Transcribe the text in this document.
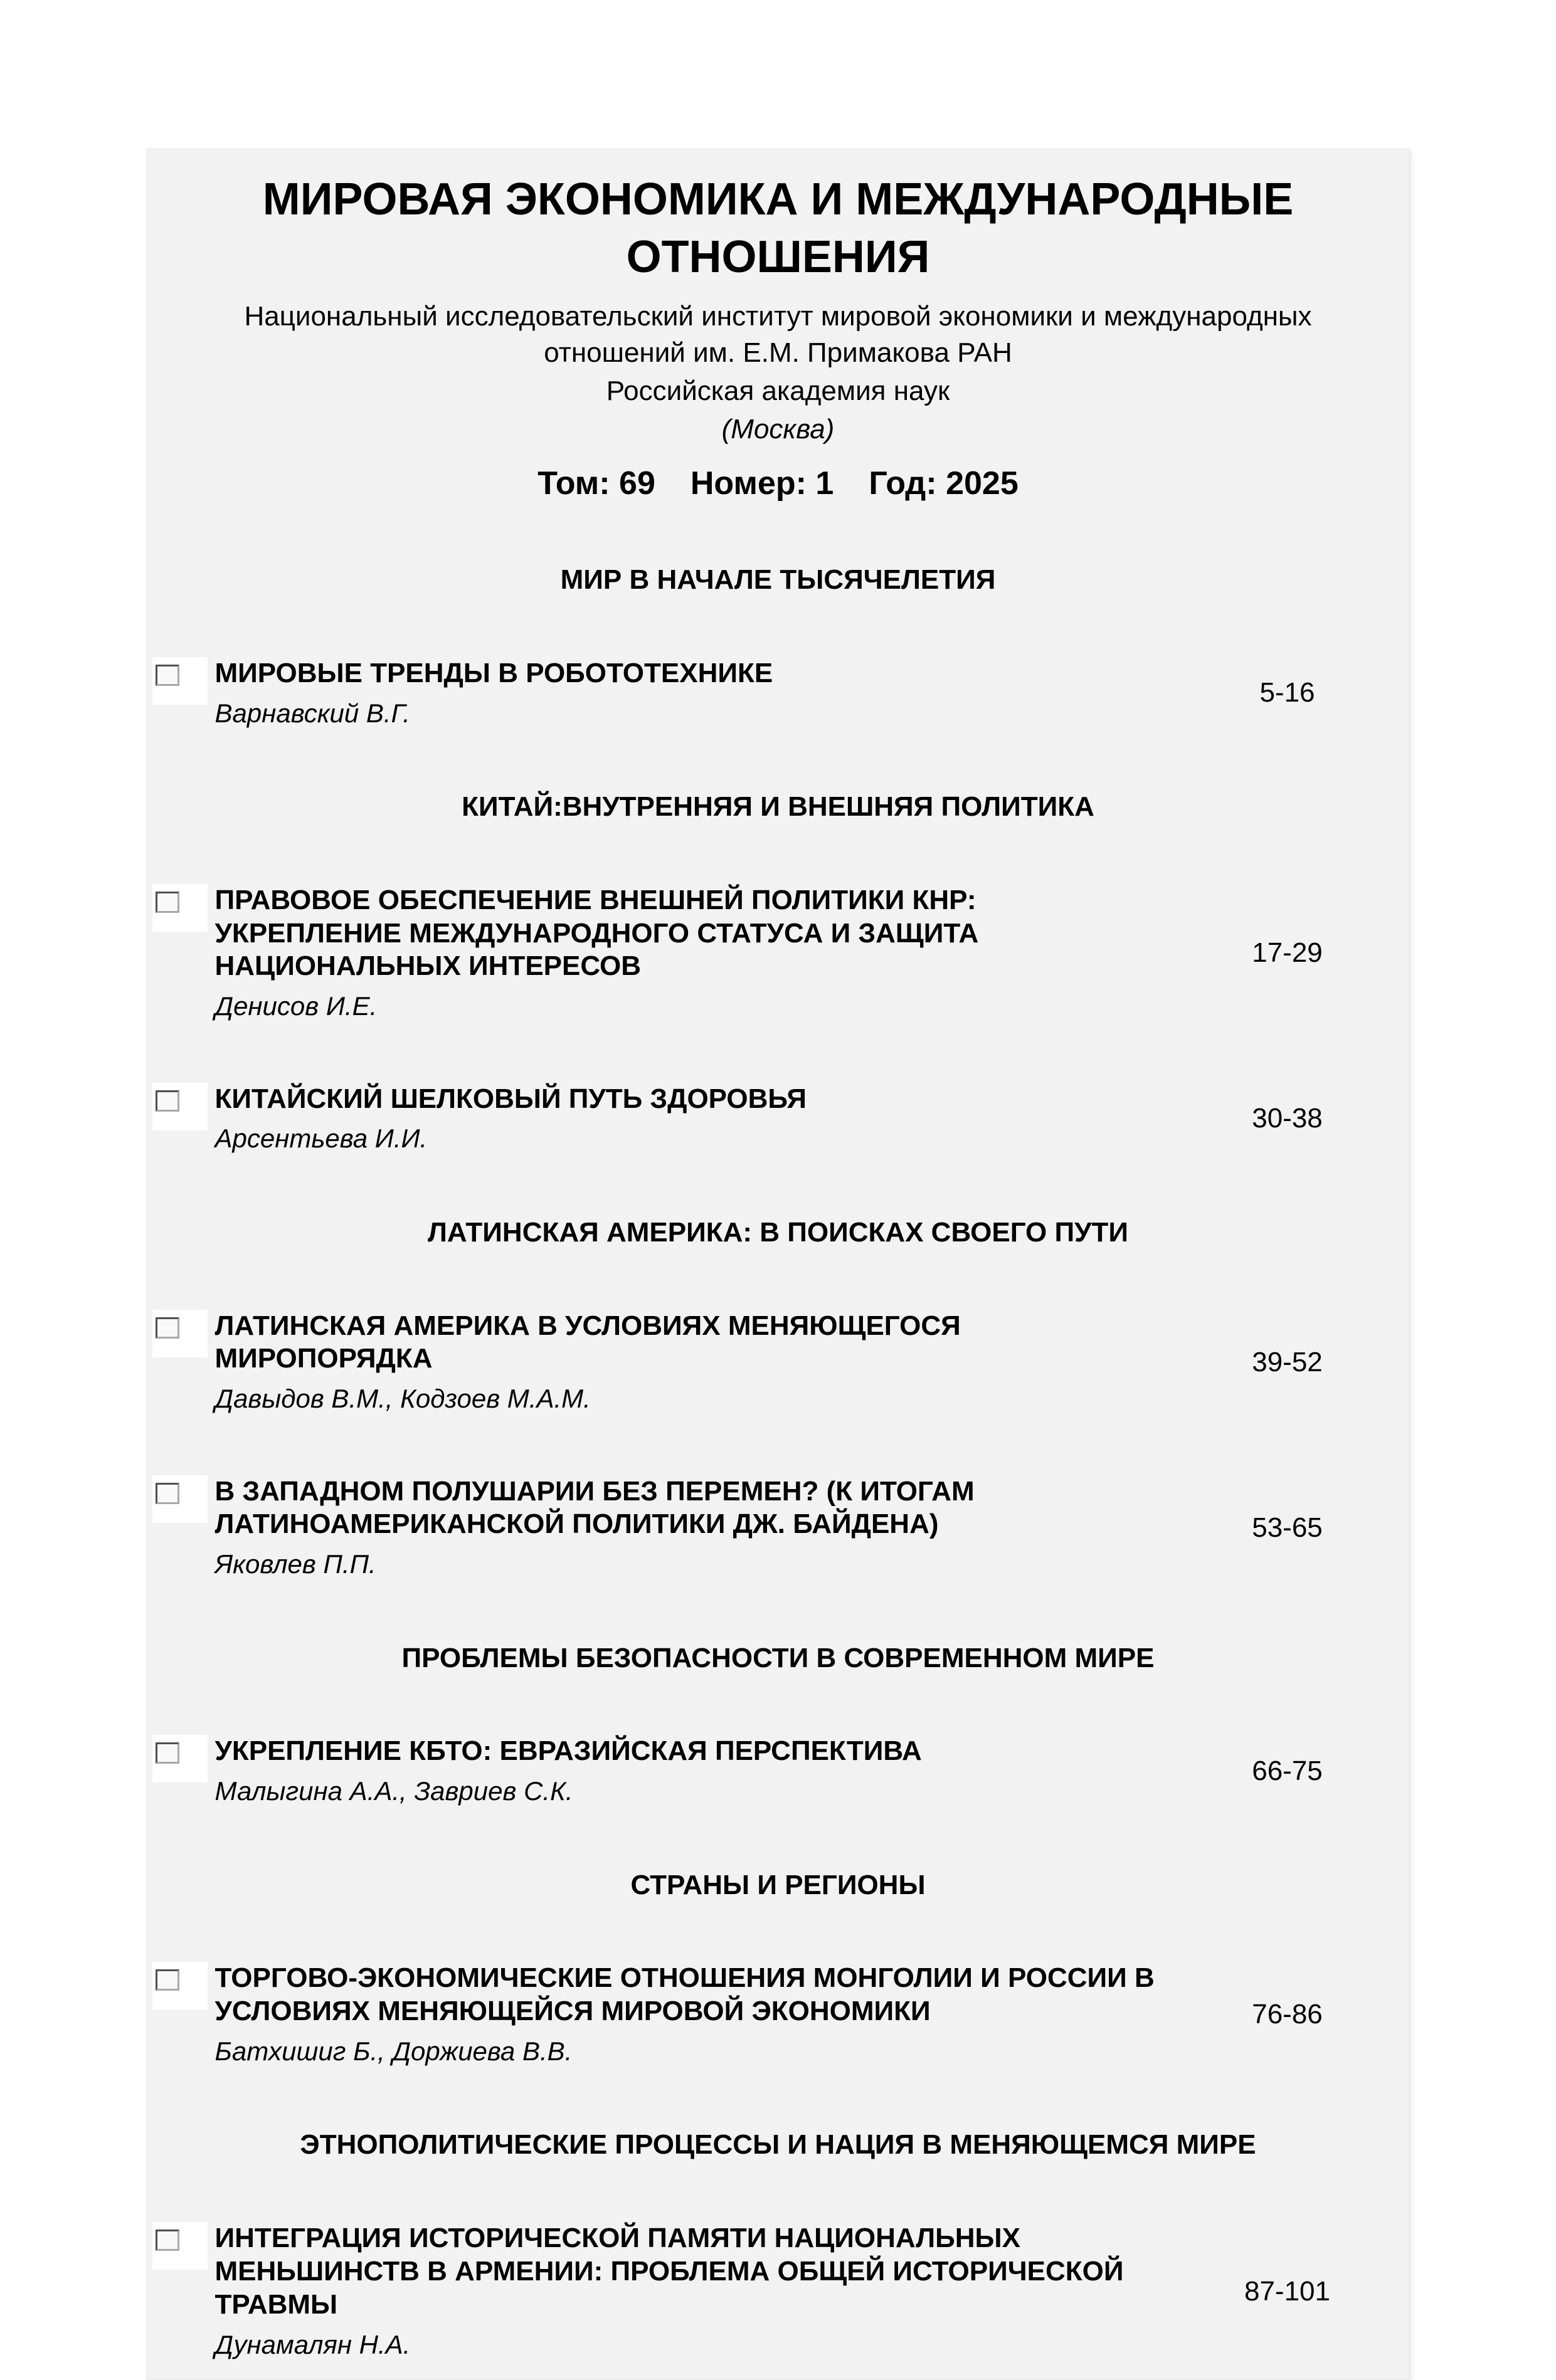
МИРОВАЯ ЭКОНОМИКА И МЕЖДУНАРОДНЫЕ ОТНОШЕНИЯ
Национальный исследовательский институт мировой экономики и международных отношений им. Е.М. Примакова РАН
Российская академия наук
(Москва)
Том: 69 Номер: 1 Год: 2025
МИР В НАЧАЛЕ ТЫСЯЧЕЛЕТИЯ
МИРОВЫЕ ТРЕНДЫ В РОБОТОТЕХНИКЕ
Варнавский В.Г.
5-16
КИТАЙ:ВНУТРЕННЯЯ И ВНЕШНЯЯ ПОЛИТИКА
ПРАВОВОЕ ОБЕСПЕЧЕНИЕ ВНЕШНЕЙ ПОЛИТИКИ КНР: УКРЕПЛЕНИЕ МЕЖДУНАРОДНОГО СТАТУСА И ЗАЩИТА НАЦИОНАЛЬНЫХ ИНТЕРЕСОВ
Денисов И.Е.
17-29
КИТАЙСКИЙ ШЕЛКОВЫЙ ПУТЬ ЗДОРОВЬЯ
Арсентьева И.И.
30-38
ЛАТИНСКАЯ АМЕРИКА: В ПОИСКАХ СВОЕГО ПУТИ
ЛАТИНСКАЯ АМЕРИКА В УСЛОВИЯХ МЕНЯЮЩЕГОСЯ МИРОПОРЯДКА
Давыдов В.М., Кодзоев М.А.М.
39-52
В ЗАПАДНОМ ПОЛУШАРИИ БЕЗ ПЕРЕМЕН? (К ИТОГАМ ЛАТИНОАМЕРИКАНСКОЙ ПОЛИТИКИ ДЖ. БАЙДЕНА)
Яковлев П.П.
53-65
ПРОБЛЕМЫ БЕЗОПАСНОСТИ В СОВРЕМЕННОМ МИРЕ
УКРЕПЛЕНИЕ КБТО: ЕВРАЗИЙСКАЯ ПЕРСПЕКТИВА
Малыгина А.А., Завриев С.К.
66-75
СТРАНЫ И РЕГИОНЫ
ТОРГОВО-ЭКОНОМИЧЕСКИЕ ОТНОШЕНИЯ МОНГОЛИИ И РОССИИ В УСЛОВИЯХ МЕНЯЮЩЕЙСЯ МИРОВОЙ ЭКОНОМИКИ
Батхишиг Б., Доржиева В.В.
76-86
ЭТНОПОЛИТИЧЕСКИЕ ПРОЦЕССЫ И НАЦИЯ В МЕНЯЮЩЕМСЯ МИРЕ
ИНТЕГРАЦИЯ ИСТОРИЧЕСКОЙ ПАМЯТИ НАЦИОНАЛЬНЫХ МЕНЬШИНСТВ В АРМЕНИИ: ПРОБЛЕМА ОБЩЕЙ ИСТОРИЧЕСКОЙ ТРАВМЫ
Дунамалян Н.А.
87-101
